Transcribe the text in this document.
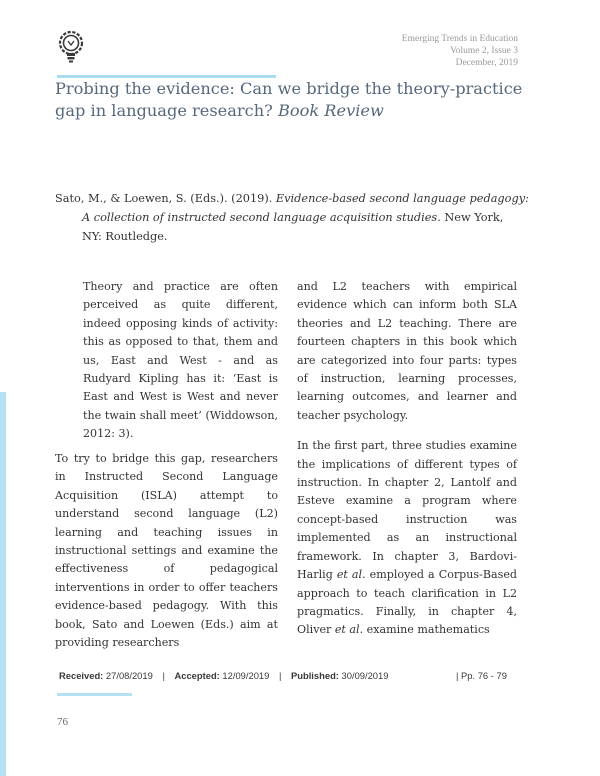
Emerging Trends in Education
Volume 2, Issue 3
December, 2019
Probing the evidence: Can we bridge the theory-practice gap in language research? Book Review
Sato, M., & Loewen, S. (Eds.). (2019). Evidence-based second language pedagogy:
A collection of instructed second language acquisition studies. New York,
NY: Routledge.

Theory and practice are often perceived as quite different, indeed opposing kinds of activity: this as opposed to that, them and us, East and West - and as Rudyard Kipling has it: ‘East is East and West is West and never the twain shall meet’ (Widdowson, 2012: 3).

To try to bridge this gap, researchers in Instructed Second Language Acquisition (ISLA) attempt to understand second language (L2) learning and teaching issues in instructional settings and examine the effectiveness of pedagogical interventions in order to offer teachers evidence-based pedagogy. With this book, Sato and Loewen (Eds.) aim at providing researchers

and L2 teachers with empirical evidence which can inform both SLA theories and L2 teaching. There are fourteen chapters in this book which are categorized into four parts: types of instruction, learning processes, learning outcomes, and learner and teacher psychology.

In the first part, three studies examine the implications of different types of instruction. In chapter 2, Lantolf and Esteve examine a program where concept-based instruction was implemented as an instructional framework. In chapter 3, Bardovi-Harlig et al. employed a Corpus-Based approach to teach clarification in L2 pragmatics. Finally, in chapter 4, Oliver et al. examine mathematics

Received: 27/08/2019 | Accepted: 12/09/2019 | Published: 30/09/2019	| Pp. 76 - 79
76
